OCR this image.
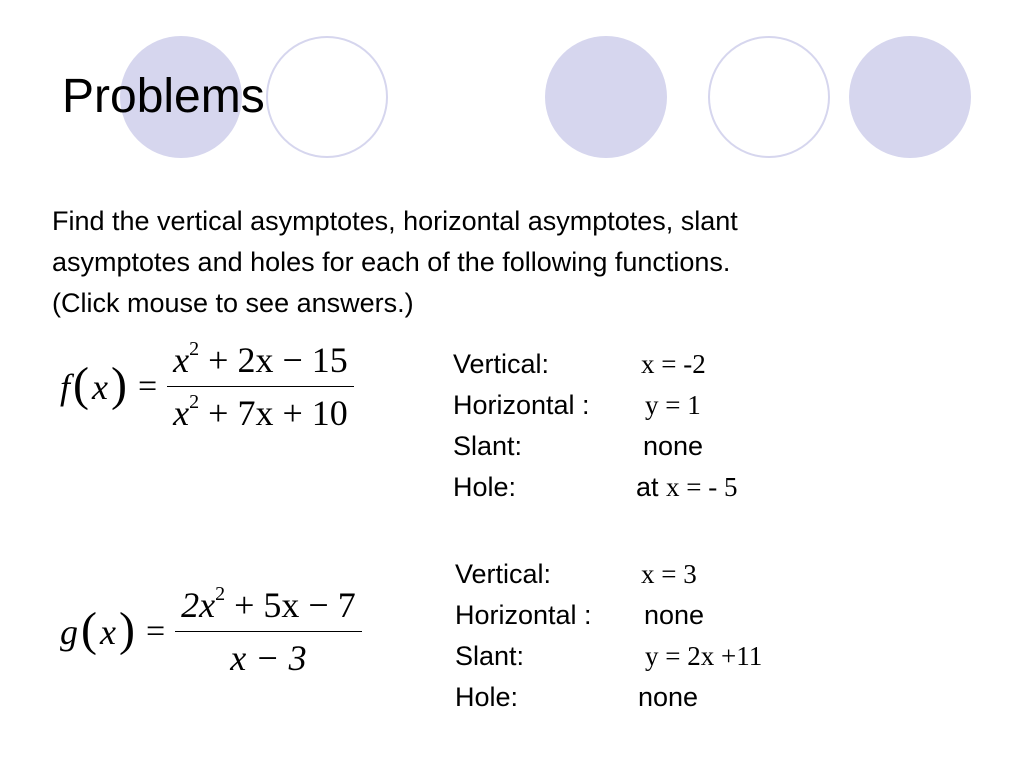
Problems
Find the vertical asymptotes, horizontal asymptotes, slant
asymptotes and holes for each of the following functions.
(Click mouse to see answers.)
f ( x ) = $\frac{x^2 + 2x - 15}{x^2 + 7x + 10}$	Vertical:	x = -2
Horizontal : y = 1
Slant:	none
Hole:	at x = - 5
g ( x ) = $\frac{2x^2 + 5x - 7}{x - 3}$
Vertical:	x = 3
Horizontal : none
Slant:	y = 2x +11
Hole:	none
